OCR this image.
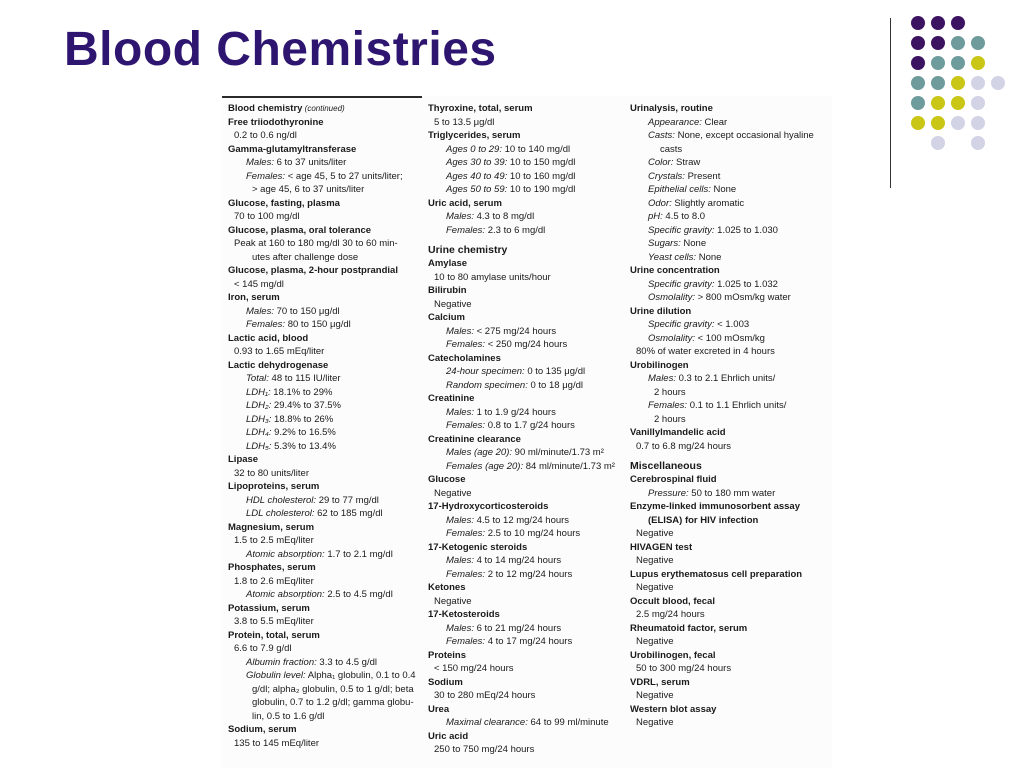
Blood Chemistries
Blood chemistry (continued)
Free triiodothyronine
0.2 to 0.6 ng/dl
Gamma-glutamyltransferase
Males: 6 to 37 units/liter
Females: < age 45, 5 to 27 units/liter;
> age 45, 6 to 37 units/liter
Glucose, fasting, plasma
70 to 100 mg/dl
Glucose, plasma, oral tolerance
Peak at 160 to 180 mg/dl 30 to 60 min-
utes after challenge dose
Glucose, plasma, 2-hour postprandial
< 145 mg/dl
Iron, serum
Males: 70 to 150 μg/dl
Females: 80 to 150 μg/dl
Lactic acid, blood
0.93 to 1.65 mEq/liter
Lactic dehydrogenase
Total: 48 to 115 IU/liter
LDH₁: 18.1% to 29%
LDH₂: 29.4% to 37.5%
LDH₃: 18.8% to 26%
LDH₄: 9.2% to 16.5%
LDH₅: 5.3% to 13.4%
Lipase
32 to 80 units/liter
Lipoproteins, serum
HDL cholesterol: 29 to 77 mg/dl
LDL cholesterol: 62 to 185 mg/dl
Magnesium, serum
1.5 to 2.5 mEq/liter
Atomic absorption: 1.7 to 2.1 mg/dl
Phosphates, serum
1.8 to 2.6 mEq/liter
Atomic absorption: 2.5 to 4.5 mg/dl
Potassium, serum
3.8 to 5.5 mEq/liter
Protein, total, serum
6.6 to 7.9 g/dl
Albumin fraction: 3.3 to 4.5 g/dl
Globulin level: Alpha₁ globulin, 0.1 to 0.4
g/dl; alpha₂ globulin, 0.5 to 1 g/dl; beta
globulin, 0.7 to 1.2 g/dl; gamma globu-
lin, 0.5 to 1.6 g/dl
Sodium, serum
135 to 145 mEq/liter
Thyroxine, total, serum
5 to 13.5 μg/dl
Triglycerides, serum
Ages 0 to 29: 10 to 140 mg/dl
Ages 30 to 39: 10 to 150 mg/dl
Ages 40 to 49: 10 to 160 mg/dl
Ages 50 to 59: 10 to 190 mg/dl
Uric acid, serum
Males: 4.3 to 8 mg/dl
Females: 2.3 to 6 mg/dl
Urine chemistry
Amylase
10 to 80 amylase units/hour
Bilirubin
Negative
Calcium
Males: < 275 mg/24 hours
Females: < 250 mg/24 hours
Catecholamines
24-hour specimen: 0 to 135 μg/dl
Random specimen: 0 to 18 μg/dl
Creatinine
Males: 1 to 1.9 g/24 hours
Females: 0.8 to 1.7 g/24 hours
Creatinine clearance
Males (age 20): 90 ml/minute/1.73 m²
Females (age 20): 84 ml/minute/1.73 m²
Glucose
Negative
17-Hydroxycorticosteroids
Males: 4.5 to 12 mg/24 hours
Females: 2.5 to 10 mg/24 hours
17-Ketogenic steroids
Males: 4 to 14 mg/24 hours
Females: 2 to 12 mg/24 hours
Ketones
Negative
17-Ketosteroids
Males: 6 to 21 mg/24 hours
Females: 4 to 17 mg/24 hours
Proteins
< 150 mg/24 hours
Sodium
30 to 280 mEq/24 hours
Urea
Maximal clearance: 64 to 99 ml/minute
Uric acid
250 to 750 mg/24 hours
Urinalysis, routine
Appearance: Clear
Casts: None, except occasional hyaline
casts
Color: Straw
Crystals: Present
Epithelial cells: None
Odor: Slightly aromatic
pH: 4.5 to 8.0
Specific gravity: 1.025 to 1.030
Sugars: None
Yeast cells: None
Urine concentration
Specific gravity: 1.025 to 1.032
Osmolality: > 800 mOsm/kg water
Urine dilution
Specific gravity: < 1.003
Osmolality: < 100 mOsm/kg
80% of water excreted in 4 hours
Urobilinogen
Males: 0.3 to 2.1 Ehrlich units/
2 hours
Females: 0.1 to 1.1 Ehrlich units/
2 hours
Vanillylmandelic acid
0.7 to 6.8 mg/24 hours
Miscellaneous
Cerebrospinal fluid
Pressure: 50 to 180 mm water
Enzyme-linked immunosorbent assay
(ELISA) for HIV infection
Negative
HIVAGEN test
Negative
Lupus erythematosus cell preparation
Negative
Occult blood, fecal
2.5 mg/24 hours
Rheumatoid factor, serum
Negative
Urobilinogen, fecal
50 to 300 mg/24 hours
VDRL, serum
Negative
Western blot assay
Negative
